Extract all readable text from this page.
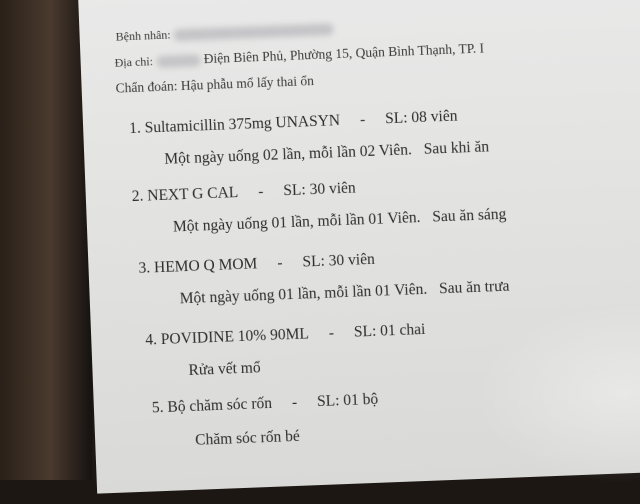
Bệnh nhân:
Địa chỉ:	Điện Biên Phủ, Phường 15, Quận Bình Thạnh, TP. I
Chẩn đoán: Hậu phẫu mổ lấy thai ổn
1. Sultamicillin 375mg UNASYN - SL: 08 viên
Một ngày uống 02 lần, mỗi lần 02 Viên. Sau khi ăn
2. NEXT G CAL - SL: 30 viên
Một ngày uống 01 lần, mỗi lần 01 Viên. Sau ăn sáng
3. HEMO Q MOM - SL: 30 viên
Một ngày uống 01 lần, mỗi lần 01 Viên. Sau ăn trưa
4. POVIDINE 10% 90ML - SL: 01 chai
Rửa vết mổ
5. Bộ chăm sóc rốn - SL: 01 bộ
Chăm sóc rốn bé
